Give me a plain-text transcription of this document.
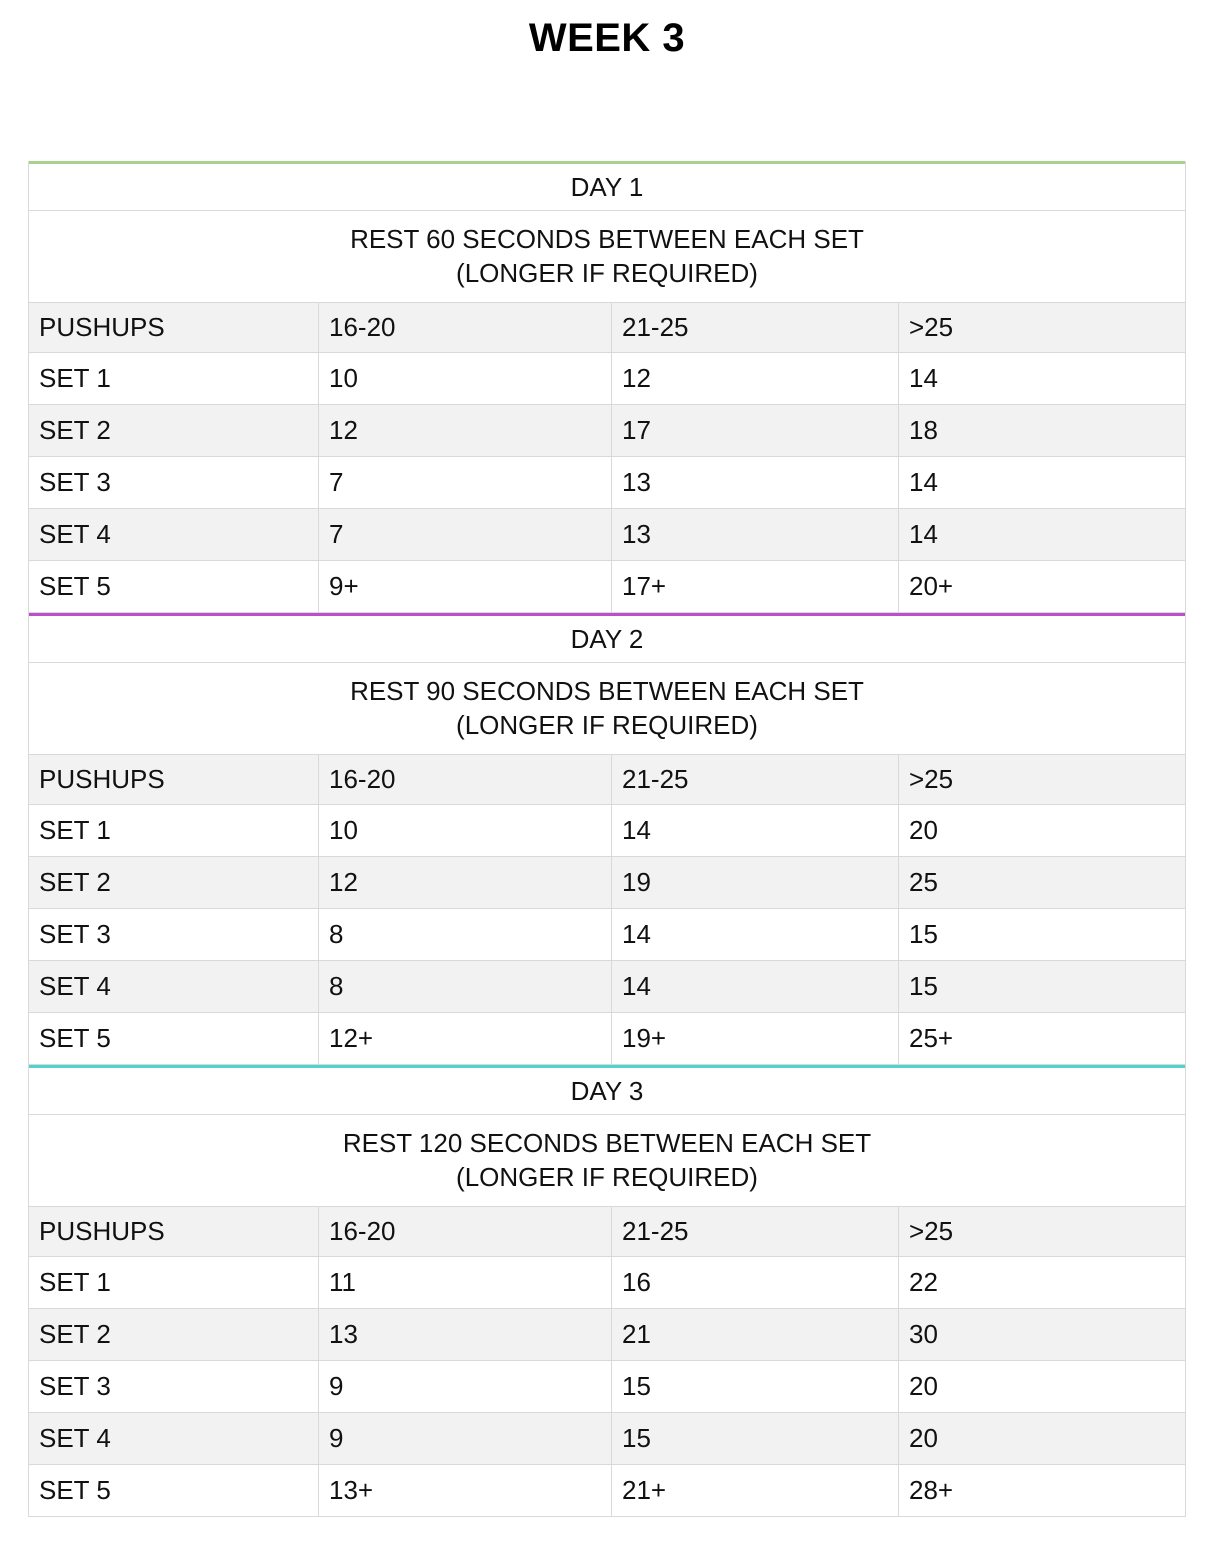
WEEK 3
DAY 1
REST 60 SECONDS BETWEEN EACH SET
(LONGER IF REQUIRED)
PUSHUPS	16-20	21-25	>25
SET 1	10	12	14
SET 2	12	17	18
SET 3	7	13	14
SET 4	7	13	14
SET 5	9+	17+	20+
DAY 2
REST 90 SECONDS BETWEEN EACH SET
(LONGER IF REQUIRED)
PUSHUPS	16-20	21-25	>25
SET 1	10	14	20
SET 2	12	19	25
SET 3	8	14	15
SET 4	8	14	15
SET 5	12+	19+	25+
DAY 3
REST 120 SECONDS BETWEEN EACH SET
(LONGER IF REQUIRED)
PUSHUPS	16-20	21-25	>25
SET 1	11	16	22
SET 2	13	21	30
SET 3	9	15	20
SET 4	9	15	20
SET 5	13+	21+	28+
